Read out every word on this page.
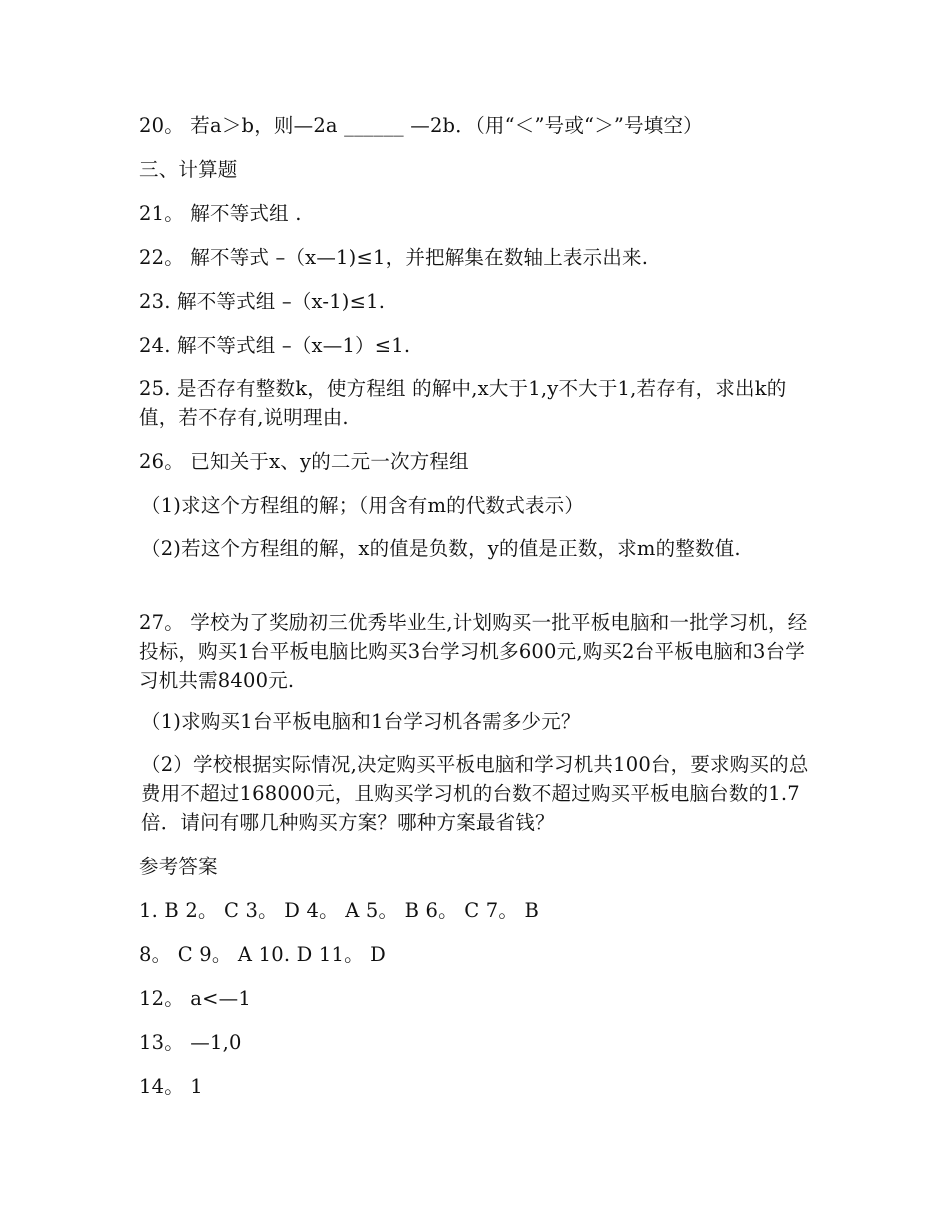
20。 若a＞b，则—2a ______ —2b．（用“＜”号或“＞”号填空）
三、计算题
21。 解不等式组 .
22。 解不等式 –（x—1)≤1，并把解集在数轴上表示出来.
23. 解不等式组 –（x-1)≤1.
24. 解不等式组 –（x—1）≤1.
25. 是否存有整数k，使方程组 的解中,x大于1,y不大于1,若存有，求出k的值，若不存有,说明理由.
26。 已知关于x、y的二元一次方程组
（1)求这个方程组的解；（用含有m的代数式表示）
（2)若这个方程组的解，x的值是负数，y的值是正数，求m的整数值.
27。 学校为了奖励初三优秀毕业生,计划购买一批平板电脑和一批学习机，经投标，购买1台平板电脑比购买3台学习机多600元,购买2台平板电脑和3台学习机共需8400元.
（1)求购买1台平板电脑和1台学习机各需多少元？
（2）学校根据实际情况,决定购买平板电脑和学习机共100台，要求购买的总费用不超过168000元，且购买学习机的台数不超过购买平板电脑台数的1.7倍．请问有哪几种购买方案？哪种方案最省钱？
参考答案
1. B 2。 C 3。 D 4。 A 5。 B 6。 C 7。 B
8。 C 9。 A 10. D 11。 D
12。 a<—1
13。 —1,0
14。 1
